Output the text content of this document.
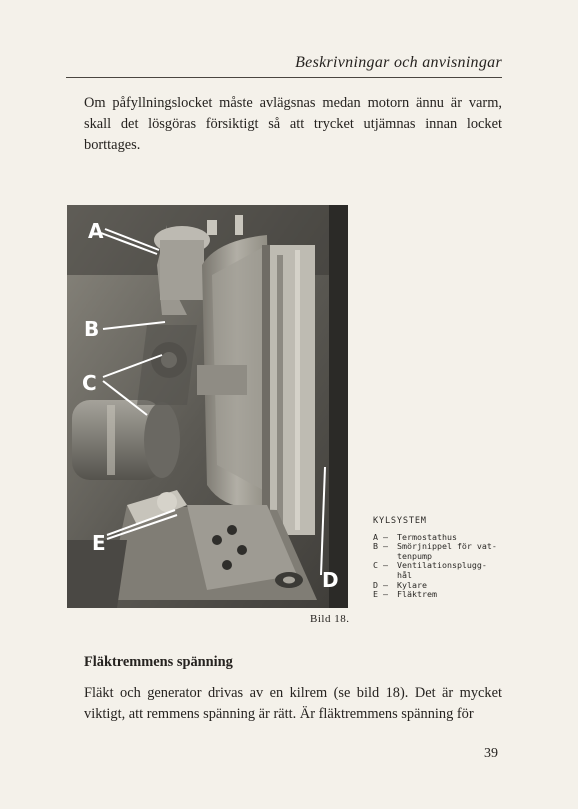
Beskrivningar och anvisningar
Om påfyllningslocket måste avlägsnas medan motorn ännu är varm, skall det lösgöras försiktigt så att trycket utjämnas innan locket borttages.
A
B
C
D
E
Bild 18.
KYLSYSTEM
A —	Termostathus
B —	Smörjnippel för vat-
tenpump
C —	Ventilationsplugg-
hål
D —	Kylare
E —	Fläktrem
Fläktremmens spänning
Fläkt och generator drivas av en kilrem (se bild 18). Det är mycket viktigt, att remmens spänning är rätt. Är fläktremmens spänning för
39
